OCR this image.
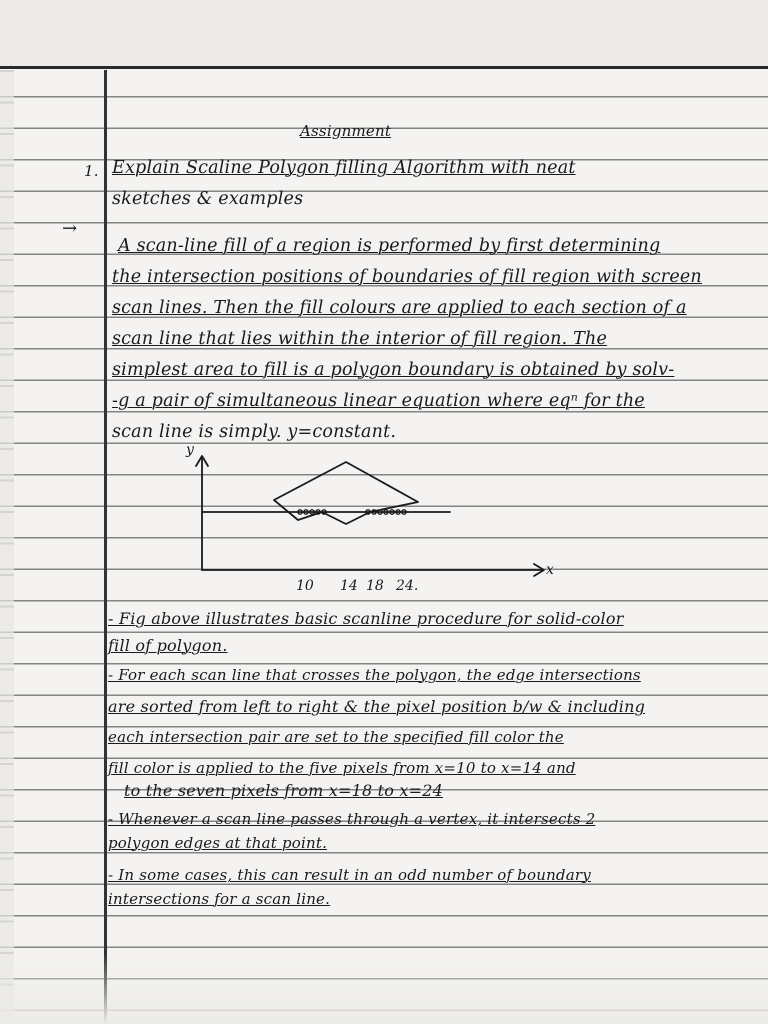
Assignment
1. Explain Scaline Polygon filling Algorithm with neat
sketches & examples
→
A scan-line fill of a region is performed by first determining
the intersection positions of boundaries of fill region with screen
scan lines. Then the fill colours are applied to each section of a
scan line that lies within the interior of fill region. The
simplest area to fill is a polygon boundary is obtained by solv-
-g a pair of simultaneous linear equation where eqⁿ for the
scan line is simply. y=constant.
y
x
10 14 18 24.
- Fig above illustrates basic scanline procedure for solid-color
fill of polygon.
- For each scan line that crosses the polygon, the edge intersections
are sorted from left to right & the pixel position b/w & including
each intersection pair are set to the specified fill color the
fill color is applied to the five pixels from x=10 to x=14 and
to the seven pixels from x=18 to x=24
- Whenever a scan line passes through a vertex, it intersects 2
polygon edges at that point.
- In some cases, this can result in an odd number of boundary
intersections for a scan line.
